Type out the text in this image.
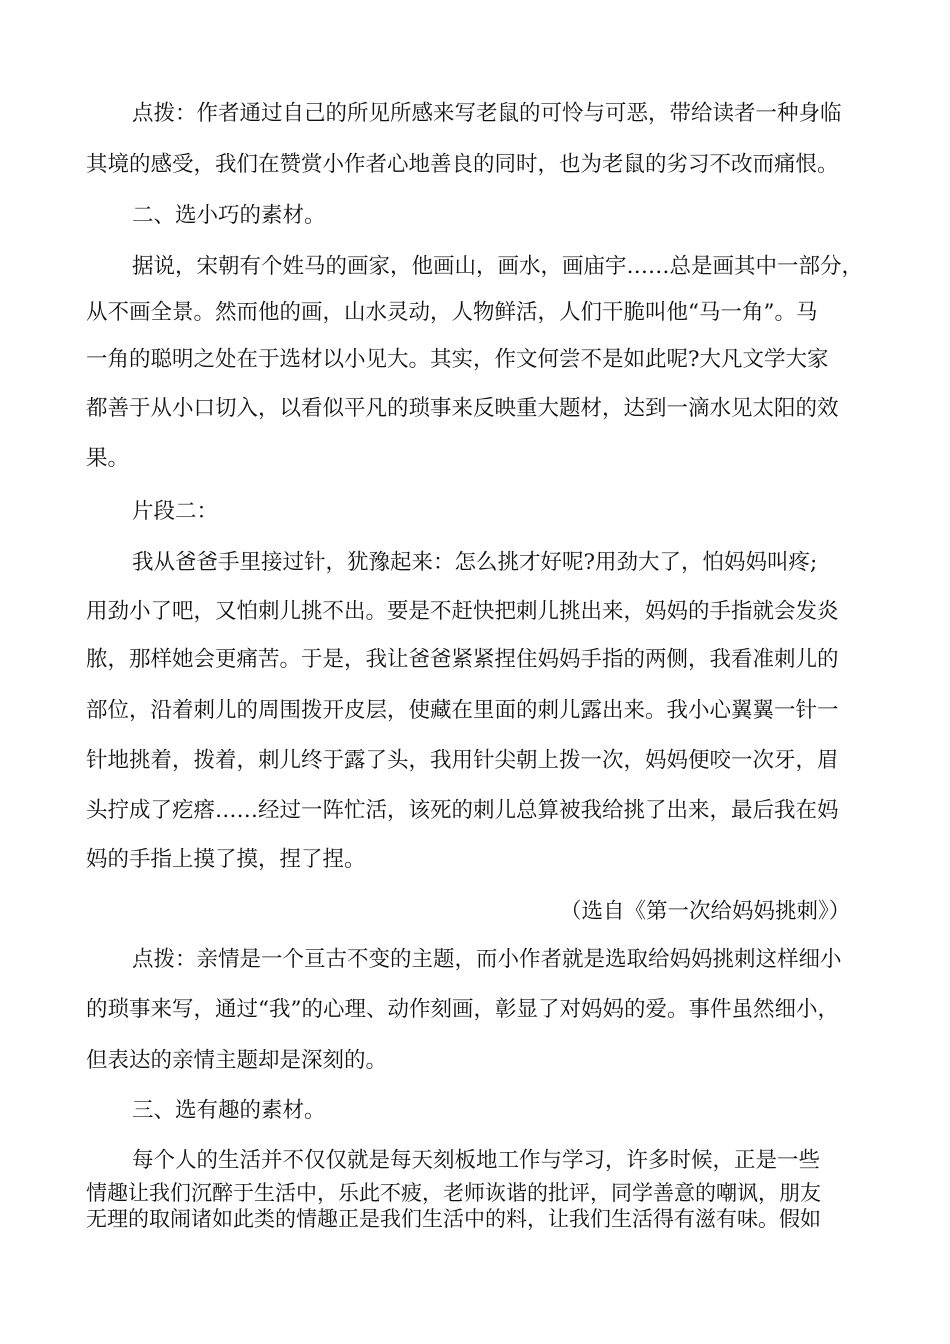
点拨：作者通过自己的所见所感来写老鼠的可怜与可恶，带给读者一种身临
其境的感受，我们在赞赏小作者心地善良的同时，也为老鼠的劣习不改而痛恨。
二、选小巧的素材。
据说，宋朝有个姓马的画家，他画山，画水，画庙宇……总是画其中一部分，
从不画全景。然而他的画，山水灵动，人物鲜活，人们干脆叫他“马一角”。马
一角的聪明之处在于选材以小见大。其实，作文何尝不是如此呢?大凡文学大家
都善于从小口切入，以看似平凡的琐事来反映重大题材，达到一滴水见太阳的效
果。
片段二：
我从爸爸手里接过针，犹豫起来：怎么挑才好呢?用劲大了，怕妈妈叫疼;
用劲小了吧，又怕刺儿挑不出。要是不赶快把刺儿挑出来，妈妈的手指就会发炎
脓，那样她会更痛苦。于是，我让爸爸紧紧捏住妈妈手指的两侧，我看准刺儿的
部位，沿着刺儿的周围拨开皮层，使藏在里面的刺儿露出来。我小心翼翼一针一
针地挑着，拨着，刺儿终于露了头，我用针尖朝上拨一次，妈妈便咬一次牙，眉
头拧成了疙瘩……经过一阵忙活，该死的刺儿总算被我给挑了出来，最后我在妈
妈的手指上摸了摸，捏了捏。
（选自《第一次给妈妈挑刺》）
点拨：亲情是一个亘古不变的主题，而小作者就是选取给妈妈挑刺这样细小
的琐事来写，通过“我”的心理、动作刻画，彰显了对妈妈的爱。事件虽然细小，
但表达的亲情主题却是深刻的。
三、选有趣的素材。
每个人的生活并不仅仅就是每天刻板地工作与学习，许多时候，正是一些
情趣让我们沉醉于生活中，乐此不疲，老师诙谐的批评，同学善意的嘲讽，朋友
无理的取闹诸如此类的情趣正是我们生活中的料，让我们生活得有滋有味。假如
